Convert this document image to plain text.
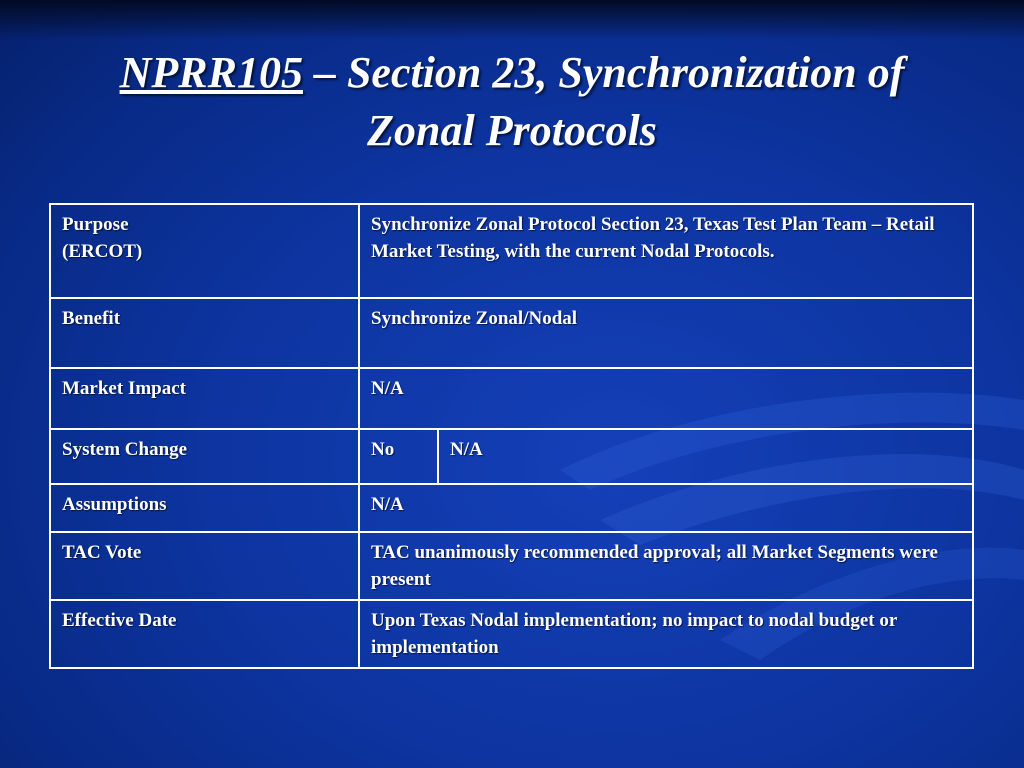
NPRR105 – Section 23, Synchronization of
Zonal Protocols
Purpose
(ERCOT)	Synchronize Zonal Protocol Section 23, Texas Test Plan Team – Retail Market Testing, with the current Nodal Protocols.	
Benefit	Synchronize Zonal/Nodal	
Market Impact	N/A	
System Change	No	N/A
Assumptions	N/A	
TAC Vote	TAC unanimously recommended approval; all Market Segments were present	
Effective Date	Upon Texas Nodal implementation; no impact to nodal budget or implementation	
